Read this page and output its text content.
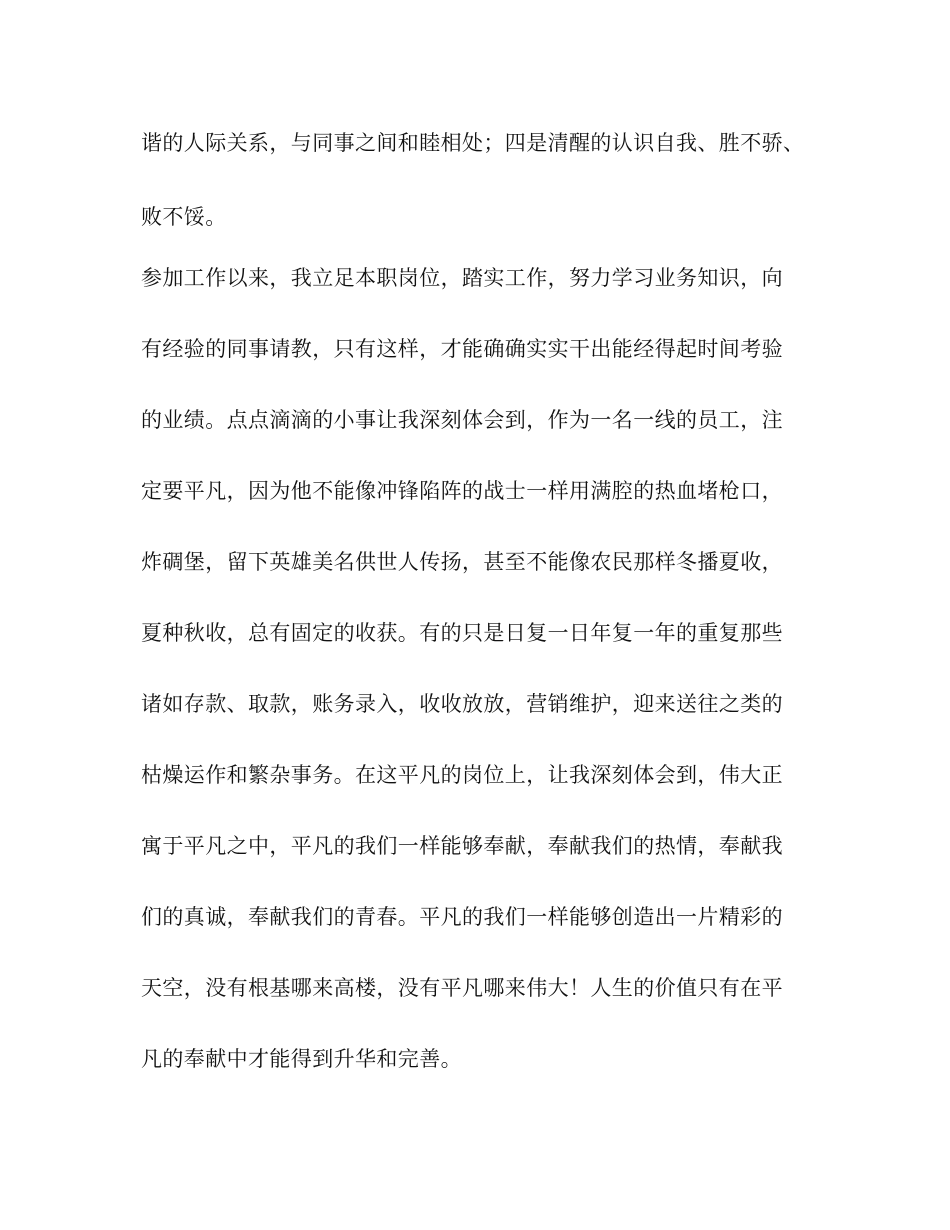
谐的人际关系，与同事之间和睦相处；四是清醒的认识自我、胜不骄、
败不馁。
参加工作以来，我立足本职岗位，踏实工作，努力学习业务知识，向
有经验的同事请教，只有这样，才能确确实实干出能经得起时间考验
的业绩。点点滴滴的小事让我深刻体会到，作为一名一线的员工，注
定要平凡，因为他不能像冲锋陷阵的战士一样用满腔的热血堵枪口，
炸碉堡，留下英雄美名供世人传扬，甚至不能像农民那样冬播夏收，
夏种秋收，总有固定的收获。有的只是日复一日年复一年的重复那些
诸如存款、取款，账务录入，收收放放，营销维护，迎来送往之类的
枯燥运作和繁杂事务。在这平凡的岗位上，让我深刻体会到，伟大正
寓于平凡之中，平凡的我们一样能够奉献，奉献我们的热情，奉献我
们的真诚，奉献我们的青春。平凡的我们一样能够创造出一片精彩的
天空，没有根基哪来高楼，没有平凡哪来伟大！人生的价值只有在平
凡的奉献中才能得到升华和完善。
